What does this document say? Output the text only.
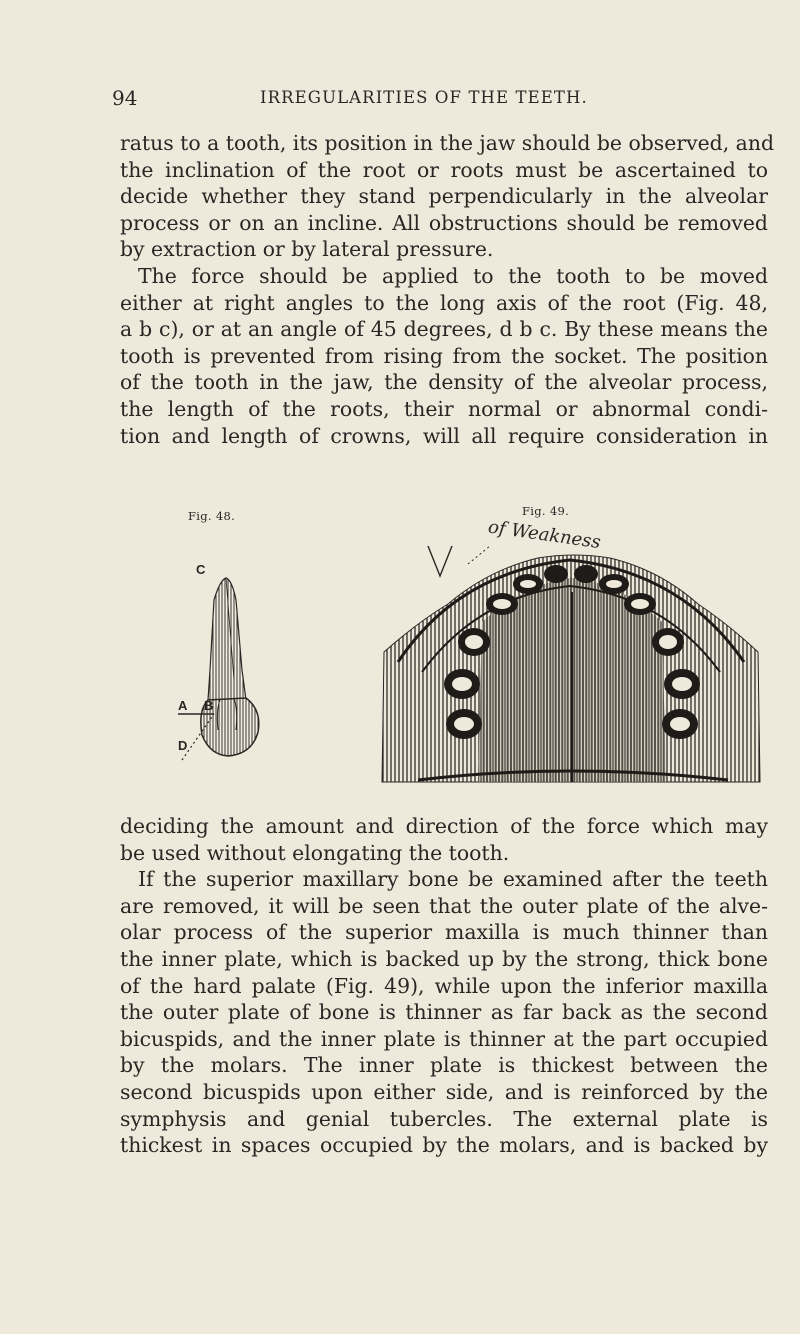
94	IRREGULARITIES OF THE TEETH.

ratus to a tooth, its position in the jaw should be observed, and
the inclination of the root or roots must be ascertained to
decide whether they stand perpendicularly in the alveolar
process or on an incline. All obstructions should be removed
by extraction or by lateral pressure.
The force should be applied to the tooth to be moved
either at right angles to the long axis of the root (Fig. 48,
a b c), or at an angle of 45 degrees, d b c. By these means the
tooth is prevented from rising from the socket. The position
of the tooth in the jaw, the density of the alveolar process,
the length of the roots, their normal or abnormal condi-
tion and length of crowns, will all require consideration in

Fig. 48.	Fig. 49.
C
A B
D
of Weakness

deciding the amount and direction of the force which may
be used without elongating the tooth.
If the superior maxillary bone be examined after the teeth
are removed, it will be seen that the outer plate of the alve-
olar process of the superior maxilla is much thinner than
the inner plate, which is backed up by the strong, thick bone
of the hard palate (Fig. 49), while upon the inferior maxilla
the outer plate of bone is thinner as far back as the second
bicuspids, and the inner plate is thinner at the part occupied
by the molars. The inner plate is thickest between the
second bicuspids upon either side, and is reinforced by the
symphysis and genial tubercles. The external plate is
thickest in spaces occupied by the molars, and is backed by
